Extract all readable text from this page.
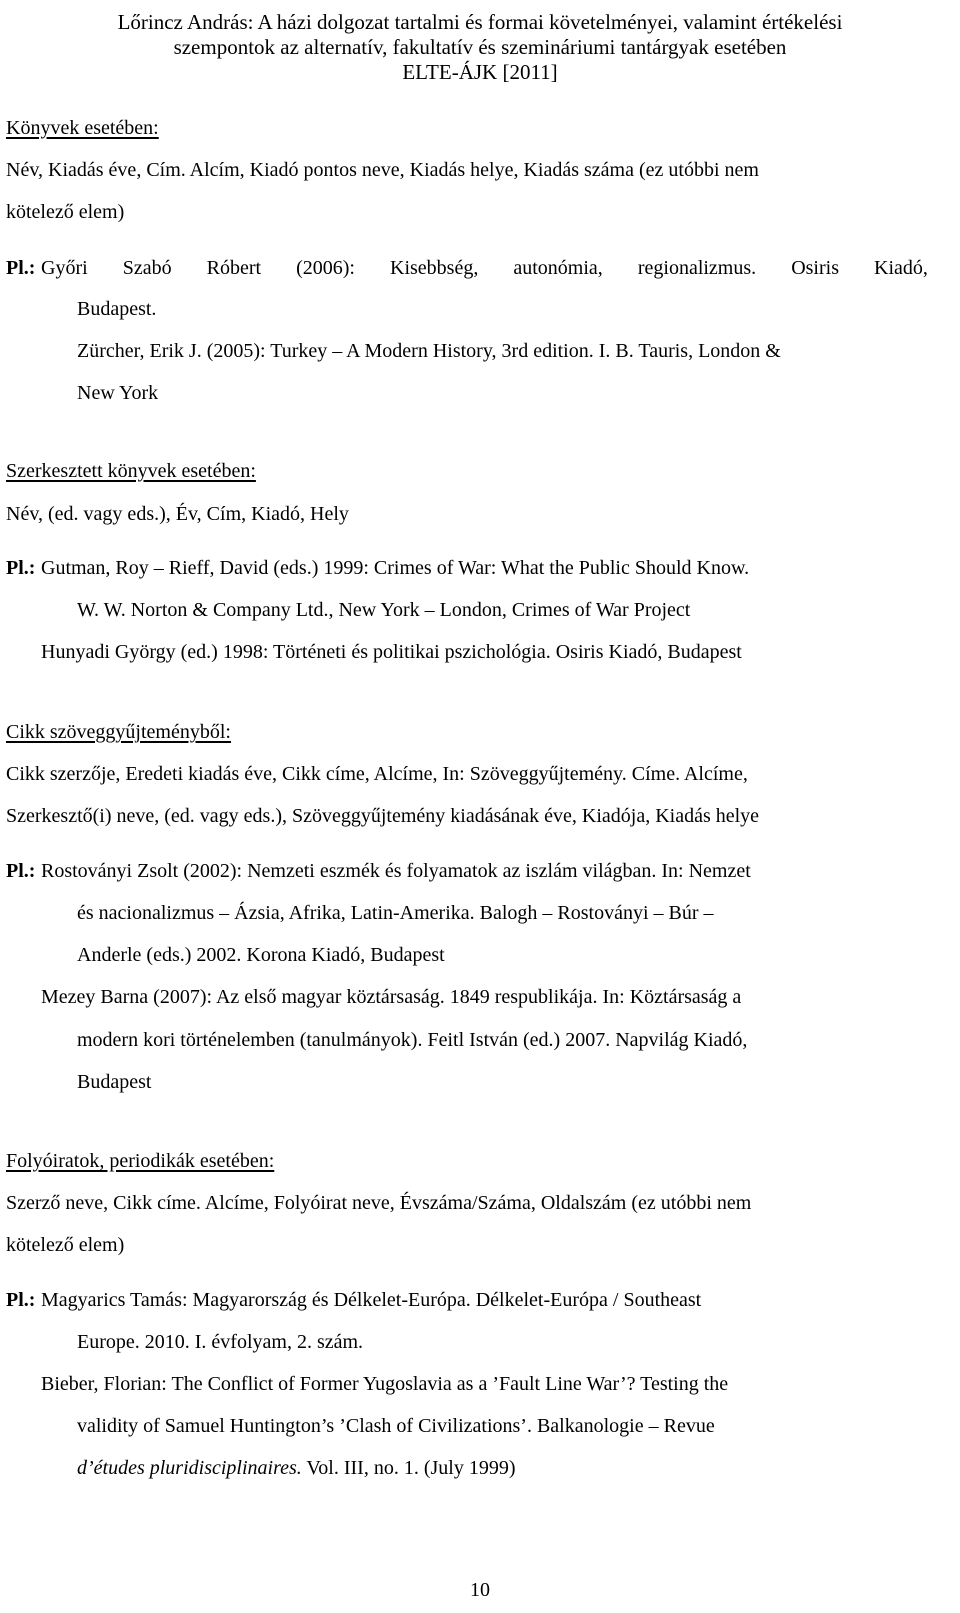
Lőrincz András: A házi dolgozat tartalmi és formai követelményei, valamint értékelési
szempontok az alternatív, fakultatív és szemináriumi tantárgyak esetében
ELTE-ÁJK [2011]
Könyvek esetében:
Név, Kiadás éve, Cím. Alcím, Kiadó pontos neve, Kiadás helye, Kiadás száma (ez utóbbi nem
kötelező elem)
Pl.: Győri Szabó Róbert (2006): Kisebbség, autonómia, regionalizmus. Osiris Kiadó,
Budapest.
Zürcher, Erik J. (2005): Turkey – A Modern History, 3rd edition. I. B. Tauris, London &
New York
Szerkesztett könyvek esetében:
Név, (ed. vagy eds.), Év, Cím, Kiadó, Hely
Pl.: Gutman, Roy – Rieff, David (eds.) 1999: Crimes of War: What the Public Should Know.
W. W. Norton & Company Ltd., New York – London, Crimes of War Project
Hunyadi György (ed.) 1998: Történeti és politikai pszichológia. Osiris Kiadó, Budapest
Cikk szöveggyűjteményből:
Cikk szerzője, Eredeti kiadás éve, Cikk címe, Alcíme, In: Szöveggyűjtemény. Címe. Alcíme,
Szerkesztő(i) neve, (ed. vagy eds.), Szöveggyűjtemény kiadásának éve, Kiadója, Kiadás helye
Pl.: Rostoványi Zsolt (2002): Nemzeti eszmék és folyamatok az iszlám világban. In: Nemzet
és nacionalizmus – Ázsia, Afrika, Latin-Amerika. Balogh – Rostoványi – Búr –
Anderle (eds.) 2002. Korona Kiadó, Budapest
Mezey Barna (2007): Az első magyar köztársaság. 1849 respublikája. In: Köztársaság a
modern kori történelemben (tanulmányok). Feitl István (ed.) 2007. Napvilág Kiadó,
Budapest
Folyóiratok, periodikák esetében:
Szerző neve, Cikk címe. Alcíme, Folyóirat neve, Évszáma/Száma, Oldalszám (ez utóbbi nem
kötelező elem)
Pl.: Magyarics Tamás: Magyarország és Délkelet-Európa. Délkelet-Európa / Southeast
Europe. 2010. I. évfolyam, 2. szám.
Bieber, Florian: The Conflict of Former Yugoslavia as a ’Fault Line War’? Testing the
validity of Samuel Huntington’s ’Clash of Civilizations’. Balkanologie – Revue
d’études pluridisciplinaires. Vol. III, no. 1. (July 1999)
10
